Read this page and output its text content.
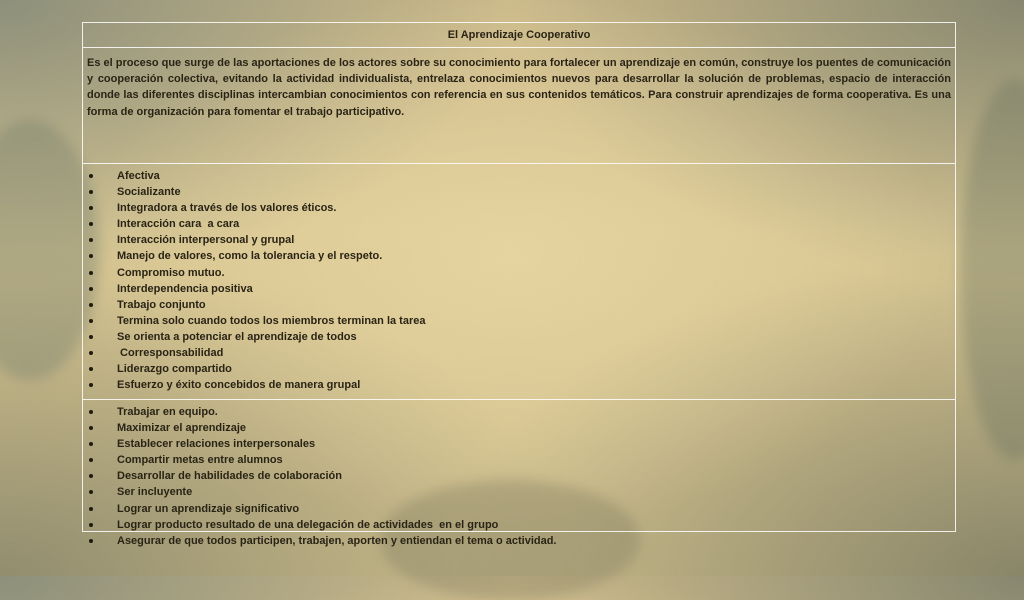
El Aprendizaje Cooperativo
Es el proceso que surge de las aportaciones de los actores sobre su conocimiento para fortalecer un aprendizaje en común, construye los puentes de comunicación y cooperación colectiva, evitando la actividad individualista, entrelaza conocimientos nuevos para desarrollar la solución de problemas, espacio de interacción donde las diferentes disciplinas intercambian conocimientos con referencia en sus contenidos temáticos. Para construir aprendizajes de forma cooperativa. Es una forma de organización para fomentar el trabajo participativo.
Afectiva
Socializante
Integradora a través de los valores éticos.
Interacción cara  a cara
Interacción interpersonal y grupal
Manejo de valores, como la tolerancia y el respeto.
Compromiso mutuo.
Interdependencia positiva
Trabajo conjunto
Termina solo cuando todos los miembros terminan la tarea
Se orienta a potenciar el aprendizaje de todos
Corresponsabilidad
Liderazgo compartido
Esfuerzo y éxito concebidos de manera grupal
Trabajar en equipo.
Maximizar el aprendizaje
Establecer relaciones interpersonales
Compartir metas entre alumnos
Desarrollar de habilidades de colaboración
Ser incluyente
Lograr un aprendizaje significativo
Lograr producto resultado de una delegación de actividades  en el grupo
Asegurar de que todos participen, trabajen, aporten y entiendan el tema o actividad.
